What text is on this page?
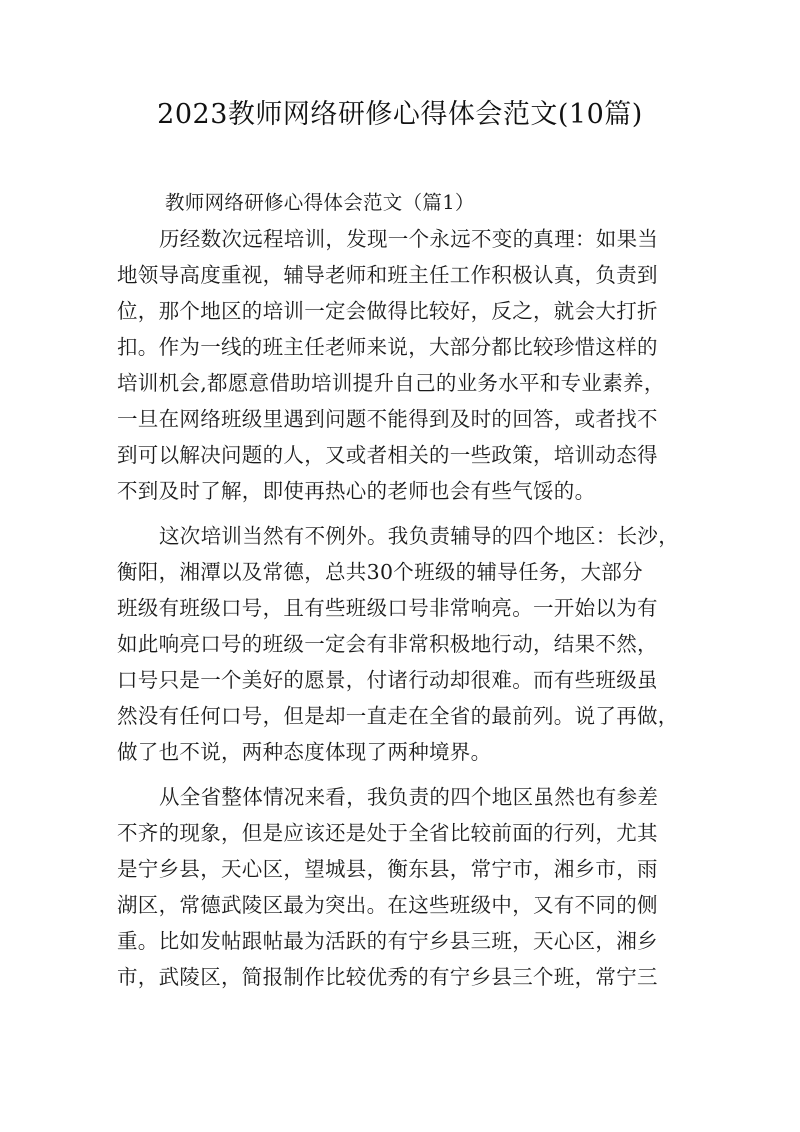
2023教师网络研修心得体会范文(10篇)
教师网络研修心得体会范文（篇1）
历经数次远程培训，发现一个永远不变的真理：如果当
地领导高度重视，辅导老师和班主任工作积极认真，负责到
位，那个地区的培训一定会做得比较好，反之，就会大打折
扣。作为一线的班主任老师来说，大部分都比较珍惜这样的
培训机会,都愿意借助培训提升自己的业务水平和专业素养，
一旦在网络班级里遇到问题不能得到及时的回答，或者找不
到可以解决问题的人，又或者相关的一些政策，培训动态得
不到及时了解，即使再热心的老师也会有些气馁的。
这次培训当然有不例外。我负责辅导的四个地区：长沙，
衡阳，湘潭以及常德，总共30个班级的辅导任务，大部分
班级有班级口号，且有些班级口号非常响亮。一开始以为有
如此响亮口号的班级一定会有非常积极地行动，结果不然，
口号只是一个美好的愿景，付诸行动却很难。而有些班级虽
然没有任何口号，但是却一直走在全省的最前列。说了再做，
做了也不说，两种态度体现了两种境界。
从全省整体情况来看，我负责的四个地区虽然也有参差
不齐的现象，但是应该还是处于全省比较前面的行列，尤其
是宁乡县，天心区，望城县，衡东县，常宁市，湘乡市，雨
湖区，常德武陵区最为突出。在这些班级中，又有不同的侧
重。比如发帖跟帖最为活跃的有宁乡县三班，天心区，湘乡
市，武陵区，简报制作比较优秀的有宁乡县三个班，常宁三
